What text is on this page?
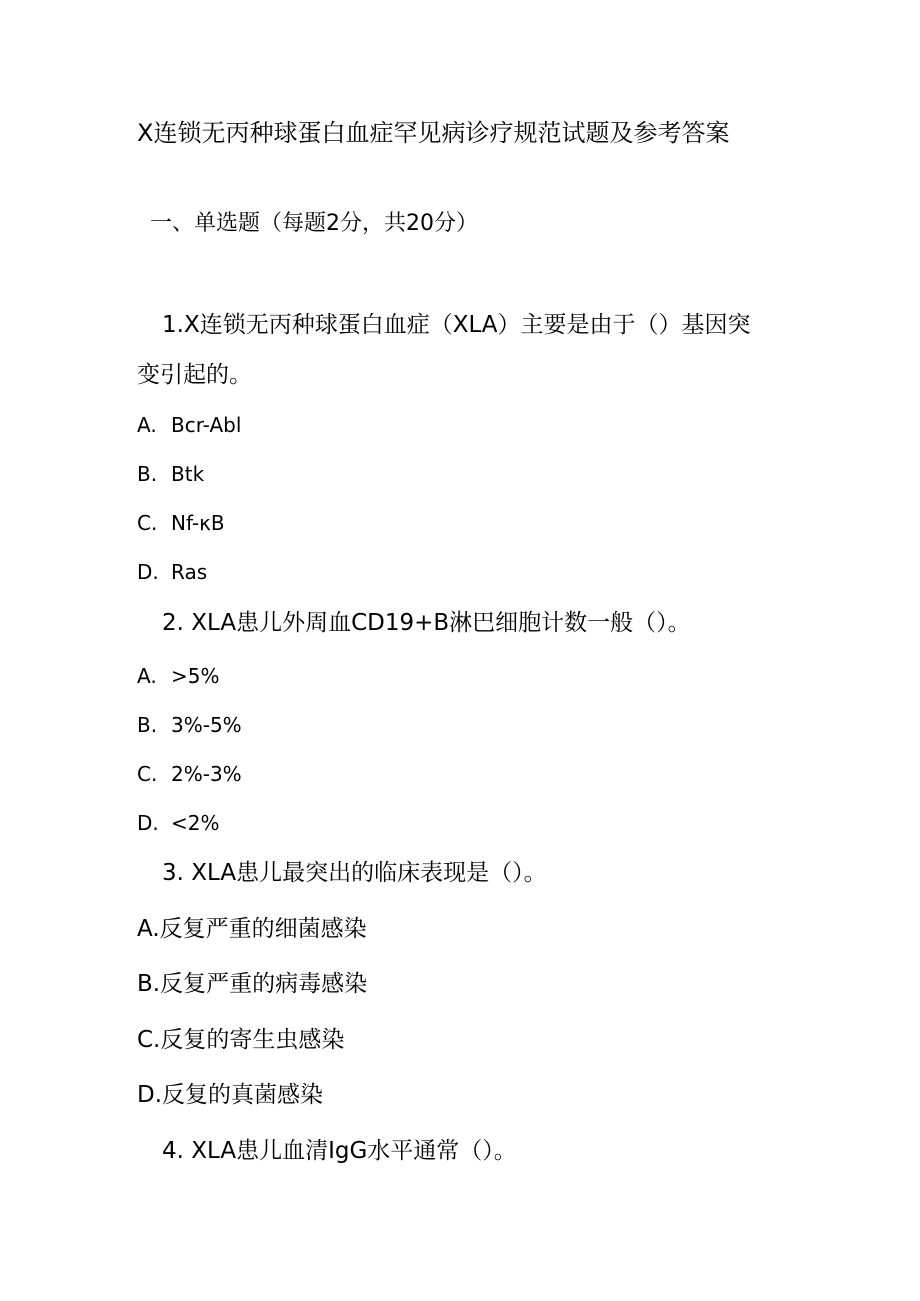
X连锁无丙种球蛋白血症罕见病诊疗规范试题及参考答案
一、单选题（每题2分，共20分）
1.X连锁无丙种球蛋白血症（XLA）主要是由于（）基因突
变引起的。
A. Bcr-Abl
B. Btk
C. Nf-κB
D. Ras
2. XLA患儿外周血CD19+B淋巴细胞计数一般（）。
A. >5%
B. 3%-5%
C. 2%-3%
D. <2%
3. XLA患儿最突出的临床表现是（）。
A.反复严重的细菌感染
B.反复严重的病毒感染
C.反复的寄生虫感染
D.反复的真菌感染
4. XLA患儿血清IgG水平通常（）。
